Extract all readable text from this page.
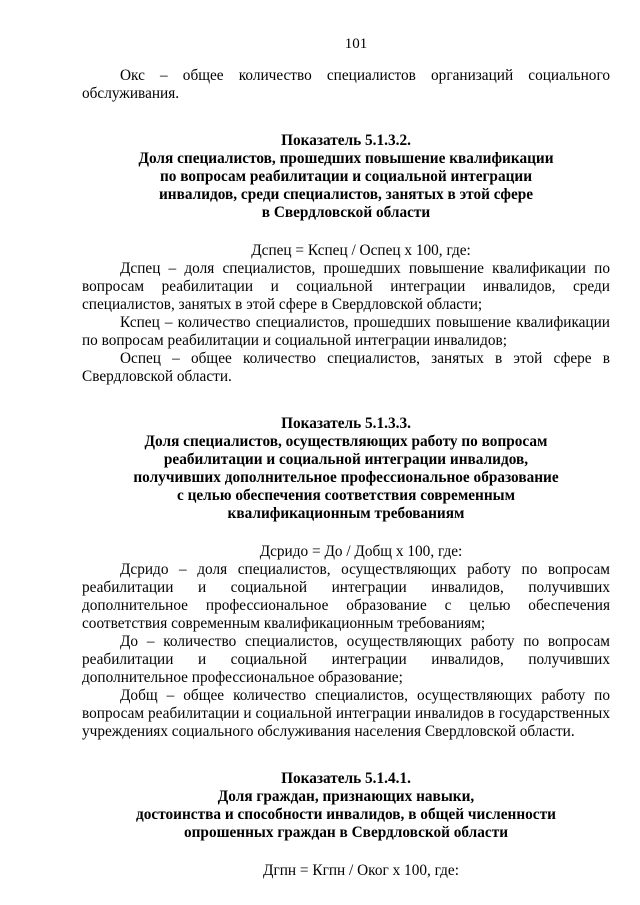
101

Окс – общее количество специалистов организаций социального обслуживания.

Показатель 5.1.3.2.
Доля специалистов, прошедших повышение квалификации
по вопросам реабилитации и социальной интеграции
инвалидов, среди специалистов, занятых в этой сфере
в Свердловской области
Дспец = Кспец / Оспец х 100, где:

Дспец – доля специалистов, прошедших повышение квалификации по вопросам реабилитации и социальной интеграции инвалидов, среди специалистов, занятых в этой сфере в Свердловской области;

Кспец – количество специалистов, прошедших повышение квалификации по вопросам реабилитации и социальной интеграции инвалидов;

Оспец – общее количество специалистов, занятых в этой сфере в Свердловской области.

Показатель 5.1.3.3.
Доля специалистов, осуществляющих работу по вопросам
реабилитации и социальной интеграции инвалидов,
получивших дополнительное профессиональное образование
с целью обеспечения соответствия современным
квалификационным требованиям
Дсридо = До / Добщ х 100, где:

Дсридо – доля специалистов, осуществляющих работу по вопросам реабилитации и социальной интеграции инвалидов, получивших дополнительное профессиональное образование с целью обеспечения соответствия современным квалификационным требованиям;

До – количество специалистов, осуществляющих работу по вопросам реабилитации и социальной интеграции инвалидов, получивших дополнительное профессиональное образование;

Добщ – общее количество специалистов, осуществляющих работу по вопросам реабилитации и социальной интеграции инвалидов в государственных учреждениях социального обслуживания населения Свердловской области.

Показатель 5.1.4.1.
Доля граждан, признающих навыки,
достоинства и способности инвалидов, в общей численности
опрошенных граждан в Свердловской области
Дгпн = Кгпн / Оког х 100, где:
